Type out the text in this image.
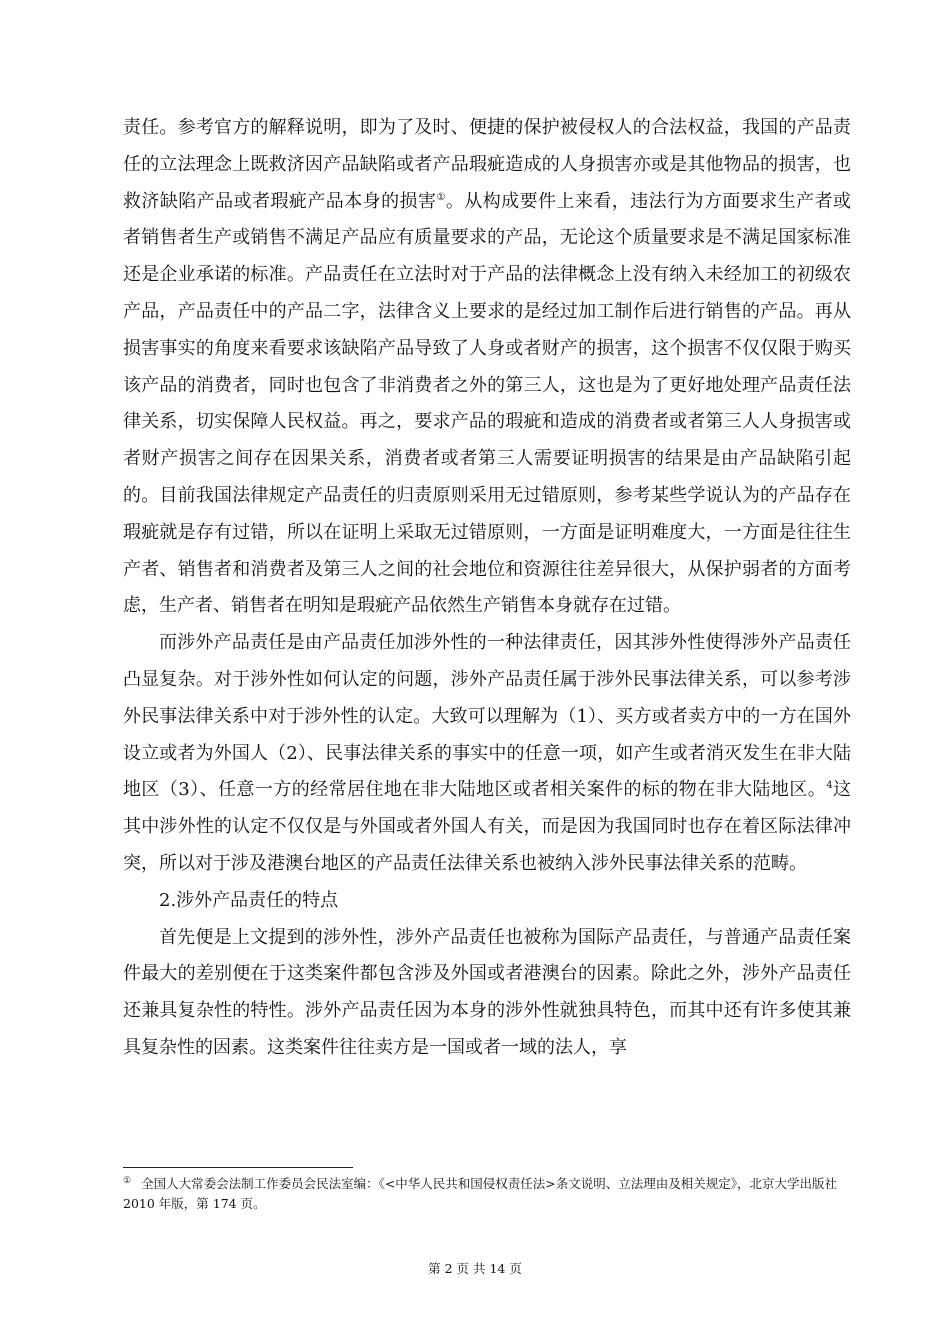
责任。参考官方的解释说明，即为了及时、便捷的保护被侵权人的合法权益，我国的产品责任的立法理念上既救济因产品缺陷或者产品瑕疵造成的人身损害亦或是其他物品的损害，也救济缺陷产品或者瑕疵产品本身的损害①。从构成要件上来看，违法行为方面要求生产者或者销售者生产或销售不满足产品应有质量要求的产品，无论这个质量要求是不满足国家标准还是企业承诺的标准。产品责任在立法时对于产品的法律概念上没有纳入未经加工的初级农产品，产品责任中的产品二字，法律含义上要求的是经过加工制作后进行销售的产品。再从损害事实的角度来看要求该缺陷产品导致了人身或者财产的损害，这个损害不仅仅限于购买该产品的消费者，同时也包含了非消费者之外的第三人，这也是为了更好地处理产品责任法律关系，切实保障人民权益。再之，要求产品的瑕疵和造成的消费者或者第三人人身损害或者财产损害之间存在因果关系，消费者或者第三人需要证明损害的结果是由产品缺陷引起的。目前我国法律规定产品责任的归责原则采用无过错原则，参考某些学说认为的产品存在瑕疵就是存有过错，所以在证明上采取无过错原则，一方面是证明难度大，一方面是往往生产者、销售者和消费者及第三人之间的社会地位和资源往往差异很大，从保护弱者的方面考虑，生产者、销售者在明知是瑕疵产品依然生产销售本身就存在过错。

而涉外产品责任是由产品责任加涉外性的一种法律责任，因其涉外性使得涉外产品责任凸显复杂。对于涉外性如何认定的问题，涉外产品责任属于涉外民事法律关系，可以参考涉外民事法律关系中对于涉外性的认定。大致可以理解为（1）、买方或者卖方中的一方在国外设立或者为外国人（2）、民事法律关系的事实中的任意一项，如产生或者消灭发生在非大陆地区（3）、任意一方的经常居住地在非大陆地区或者相关案件的标的物在非大陆地区。$^4$这其中涉外性的认定不仅仅是与外国或者外国人有关，而是因为我国同时也存在着区际法律冲突，所以对于涉及港澳台地区的产品责任法律关系也被纳入涉外民事法律关系的范畴。

2.涉外产品责任的特点

首先便是上文提到的涉外性，涉外产品责任也被称为国际产品责任，与普通产品责任案件最大的差别便在于这类案件都包含涉及外国或者港澳台的因素。除此之外，涉外产品责任还兼具复杂性的特性。涉外产品责任因为本身的涉外性就独具特色，而其中还有许多使其兼具复杂性的因素。这类案件往往卖方是一国或者一域的法人，享

① 全国人大常委会法制工作委员会民法室编：《<中华人民共和国侵权责任法>条文说明、立法理由及相关规定》，北京大学出版社 2010 年版，第 174 页。
第 2 页 共 14 页
